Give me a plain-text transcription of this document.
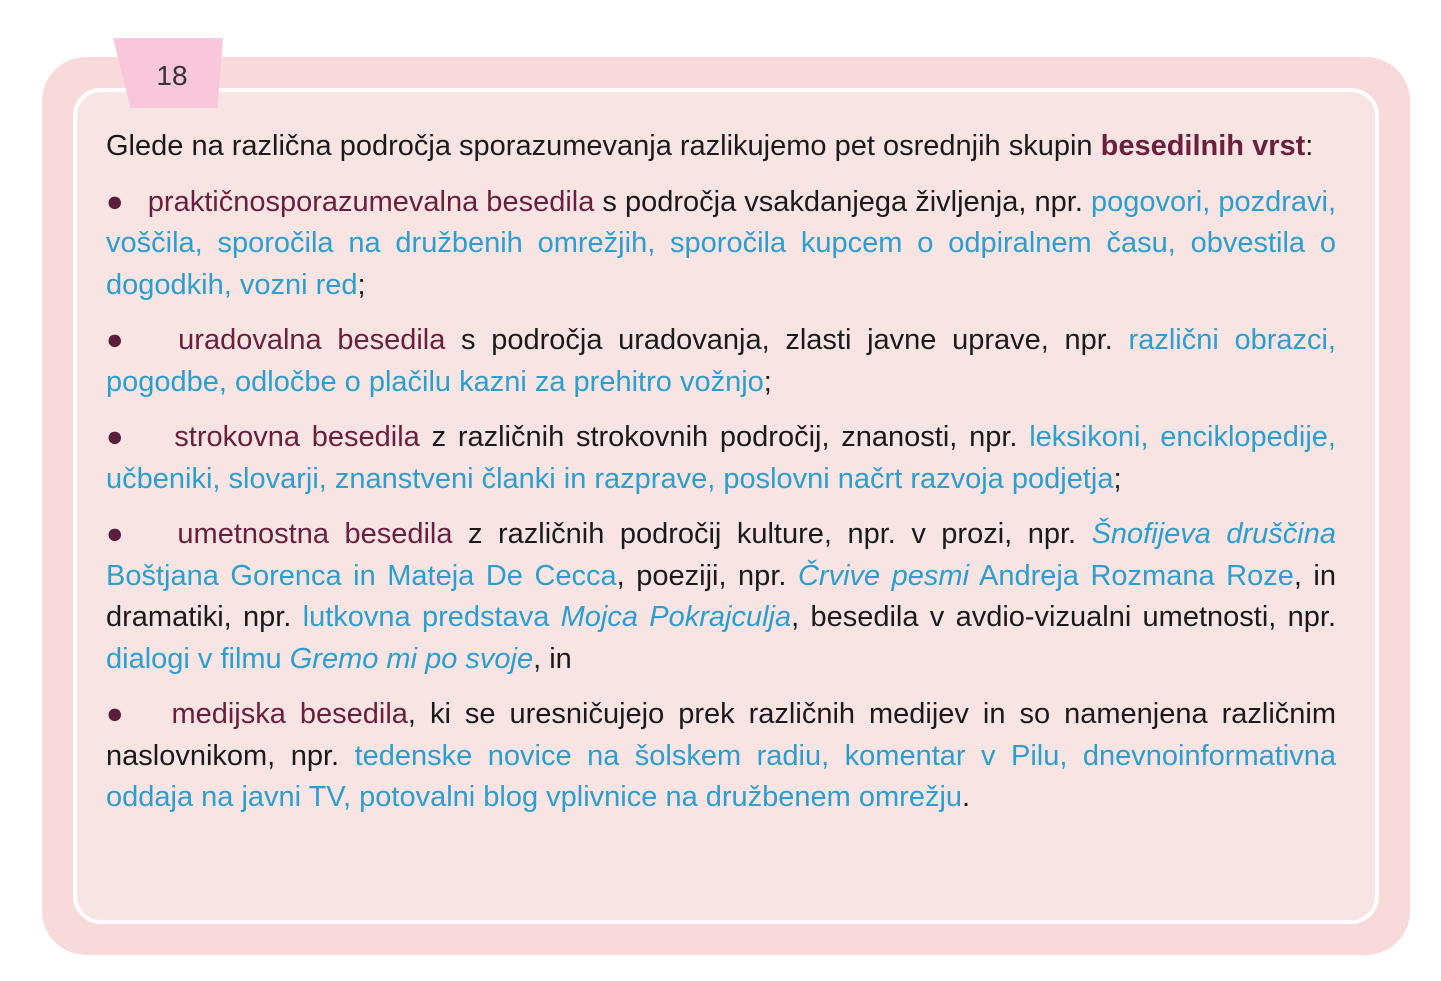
18

Glede na različna področja sporazumevanja razlikujemo pet osrednjih skupin besedilnih vrst:

● praktičnosporazumevalna besedila s področja vsakdanjega življenja, npr. pogovori, pozdravi, voščila, sporočila na družbenih omrežjih, sporočila kupcem o odpiralnem času, obvestila o dogodkih, vozni red;

● uradovalna besedila s področja uradovanja, zlasti javne uprave, npr. različni obrazci, pogodbe, odločbe o plačilu kazni za prehitro vožnjo;

● strokovna besedila z različnih strokovnih področij, znanosti, npr. leksikoni, enciklopedije, učbeniki, slovarji, znanstveni članki in razprave, poslovni načrt razvoja podjetja;

● umetnostna besedila z različnih področij kulture, npr. v prozi, npr. Šnofijeva druščina Boštjana Gorenca in Mateja De Cecca, poeziji, npr. Črvive pesmi Andreja Rozmana Roze, in dramatiki, npr. lutkovna predstava Mojca Pokrajculja, besedila v avdio-vizualni umetnosti, npr. dialogi v filmu Gremo mi po svoje, in

● medijska besedila, ki se uresničujejo prek različnih medijev in so namenjena različnim naslovnikom, npr. tedenske novice na šolskem radiu, komentar v Pilu, dnevnoinformativna oddaja na javni TV, potovalni blog vplivnice na družbenem omrežju.
